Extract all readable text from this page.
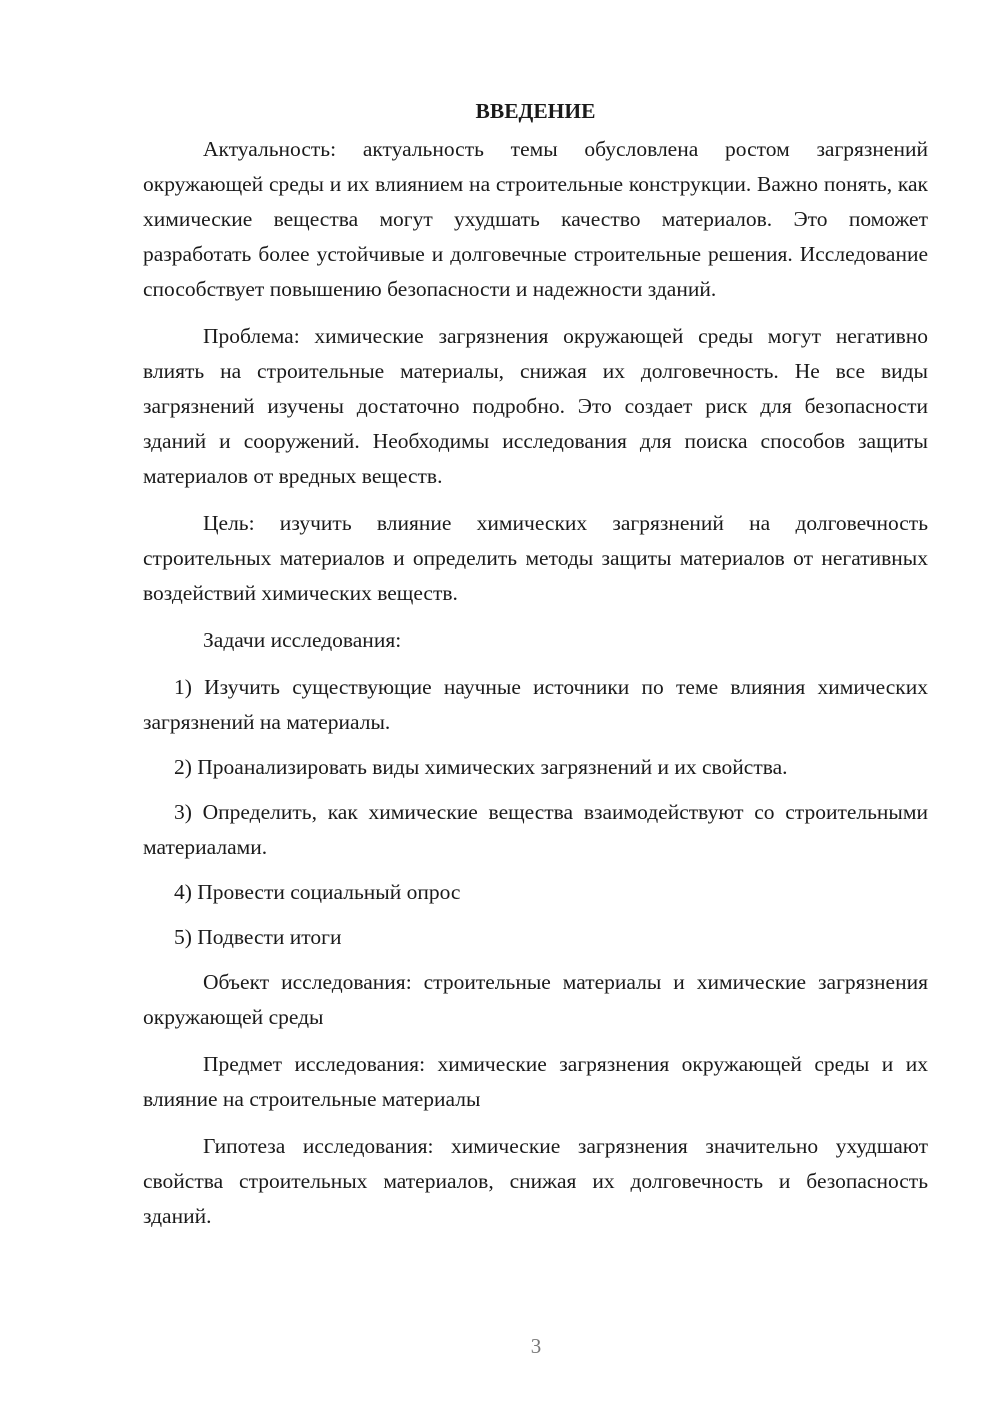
ВВЕДЕНИЕ

Актуальность: актуальность темы обусловлена ростом загрязнений окружающей среды и их влиянием на строительные конструкции. Важно понять, как химические вещества могут ухудшать качество материалов. Это поможет разработать более устойчивые и долговечные строительные решения. Исследование способствует повышению безопасности и надежности зданий.

Проблема: химические загрязнения окружающей среды могут негативно влиять на строительные материалы, снижая их долговечность. Не все виды загрязнений изучены достаточно подробно. Это создает риск для безопасности зданий и сооружений. Необходимы исследования для поиска способов защиты материалов от вредных веществ.

Цель: изучить влияние химических загрязнений на долговечность строительных материалов и определить методы защиты материалов от негативных воздействий химических веществ.

Задачи исследования:

1) Изучить существующие научные источники по теме влияния химических загрязнений на материалы.

2) Проанализировать виды химических загрязнений и их свойства.

3) Определить, как химические вещества взаимодействуют со строительными материалами.

4) Провести социальный опрос

5) Подвести итоги

Объект исследования: строительные материалы и химические загрязнения окружающей среды

Предмет исследования: химические загрязнения окружающей среды и их влияние на строительные материалы

Гипотеза исследования: химические загрязнения значительно ухудшают свойства строительных материалов, снижая их долговечность и безопасность зданий.

3
